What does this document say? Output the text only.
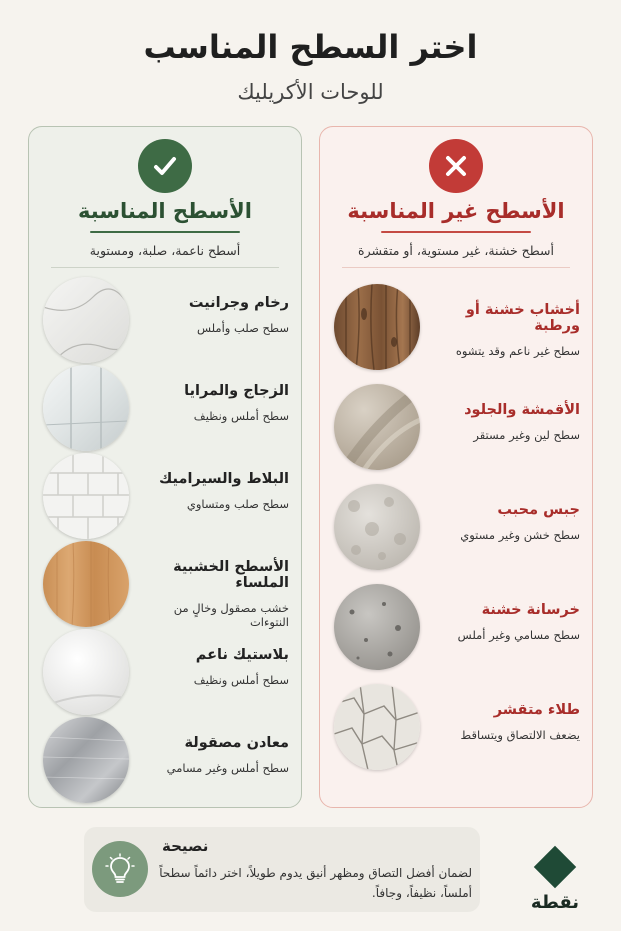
اختر السطح المناسب
للوحات الأكريليك
الأسطح غير المناسبة
أسطح خشنة، غير مستوية، أو متقشرة
أخشاب خشنة أو ورطبة
سطح غير ناعم وقد يتشوه
الأقمشة والجلود
سطح لين وغير مستقر
جبس محبب
سطح خشن وغير مستوي
خرسانة خشنة
سطح مسامي وغير أملس
طلاء متقشر
يضعف الالتصاق ويتساقط
الأسطح المناسبة
أسطح ناعمة، صلبة، ومستوية
رخام وجرانيت
سطح صلب وأملس
الزجاج والمرايا
سطح أملس ونظيف
البلاط والسيراميك
سطح صلب ومتساوي
الأسطح الخشبية الملساء
خشب مصقول وخالٍ من النتوءات
بلاستيك ناعم
سطح أملس ونظيف
معادن مصقولة
سطح أملس وغير مسامي
نصيحة
لضمان أفضل التصاق ومظهر أنيق يدوم طويلاً، اختر دائماً سطحاً أملساً، نظيفاً، وجافاً.	نقطة
